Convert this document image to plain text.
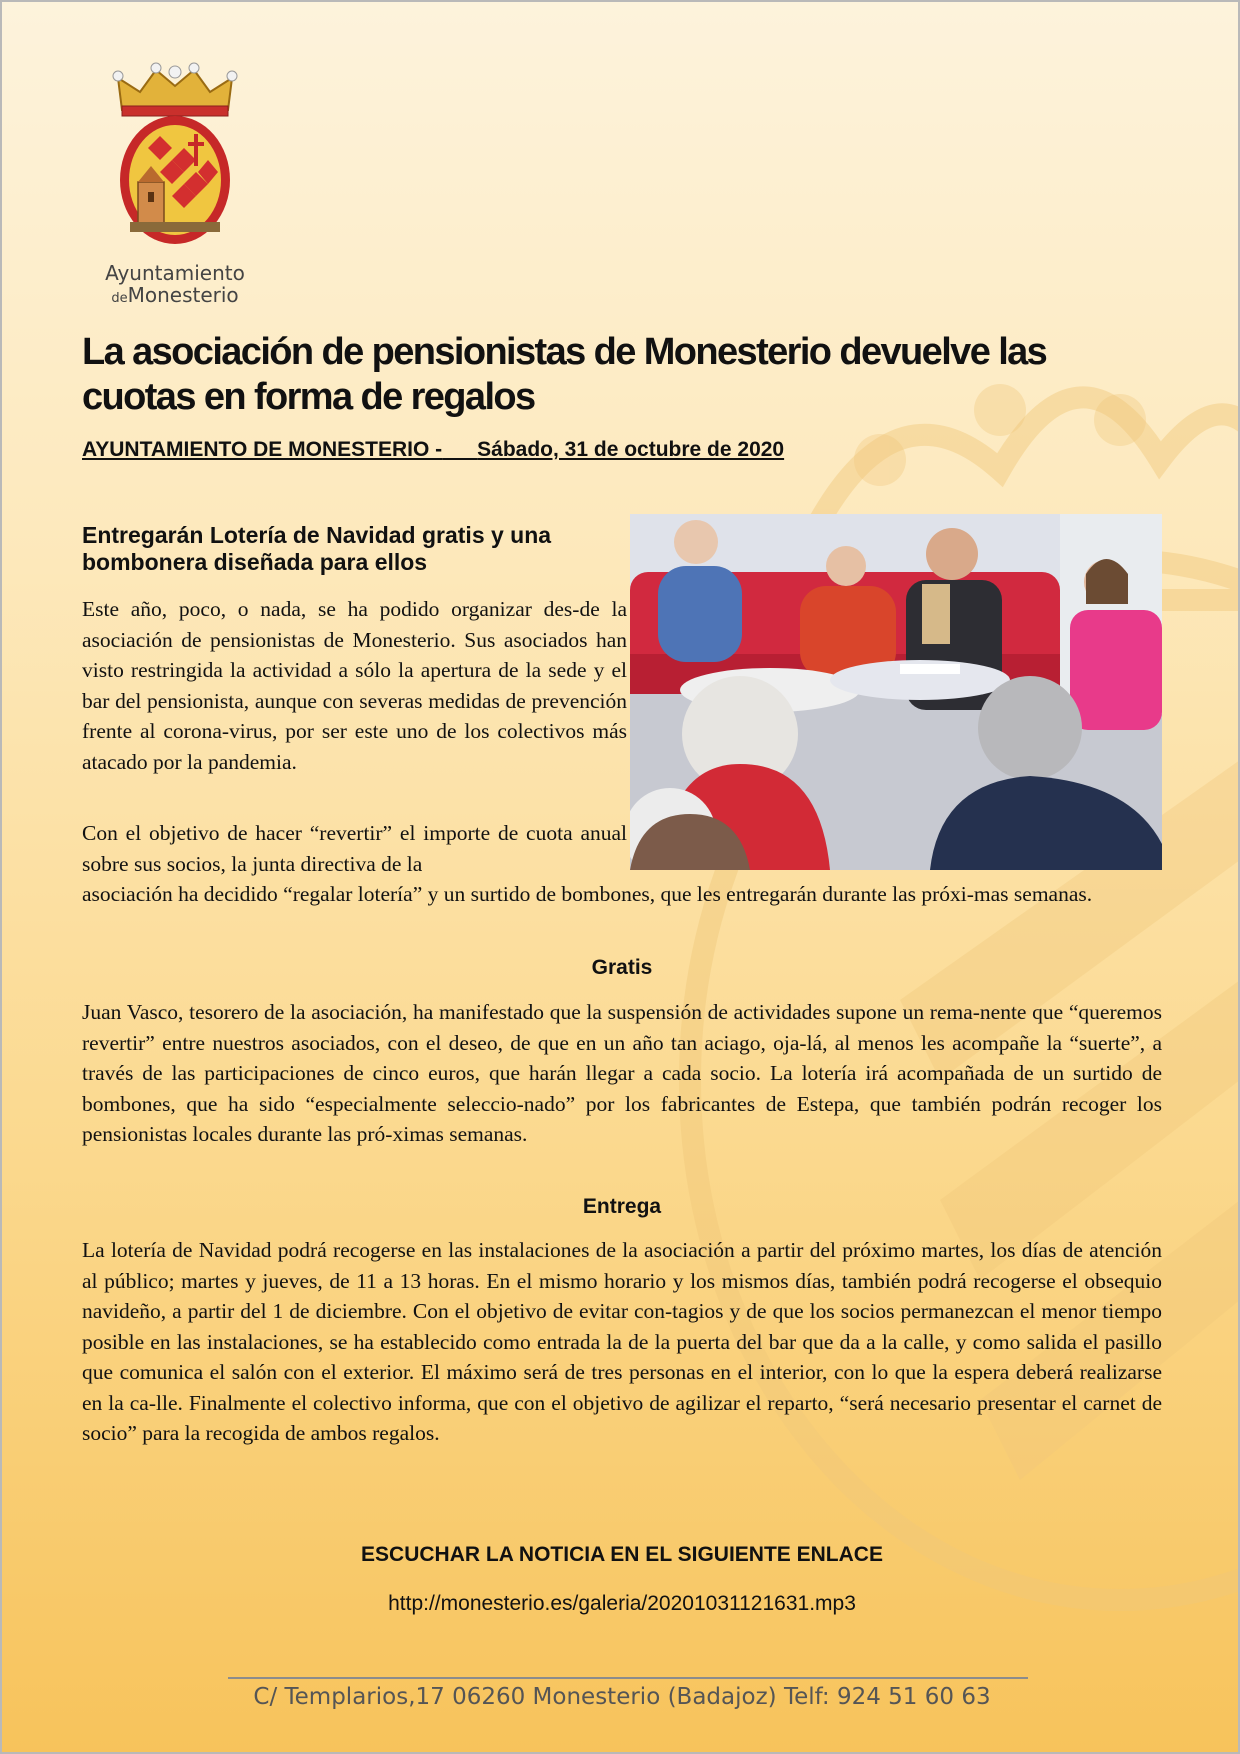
Ayuntamiento
deMonesterio
La asociación de pensionistas de Monesterio devuelve las cuotas en forma de regalos

AYUNTAMIENTO DE MONESTERIO - Sábado, 31 de octubre de 2020

Entregarán Lotería de Navidad gratis y una bombonera diseñada para ellos

Este año, poco, o nada, se ha podido organizar des-de la asociación de pensionistas de Monesterio. Sus asociados han visto restringida la actividad a sólo la apertura de la sede y el bar del pensionista, aunque con severas medidas de prevención frente al corona-virus, por ser este uno de los colectivos más atacado por la pandemia.

Con el objetivo de hacer “revertir” el importe de cuota anual sobre sus socios, la junta directiva de la

asociación ha decidido “regalar lotería” y un surtido de bombones, que les entregarán durante las próxi-mas semanas.

Gratis

Juan Vasco, tesorero de la asociación, ha manifestado que la suspensión de actividades supone un rema-nente que “queremos revertir” entre nuestros asociados, con el deseo, de que en un año tan aciago, oja-lá, al menos les acompañe la “suerte”, a través de las participaciones de cinco euros, que harán llegar a cada socio. La lotería irá acompañada de un surtido de bombones, que ha sido “especialmente seleccio-nado” por los fabricantes de Estepa, que también podrán recoger los pensionistas locales durante las pró-ximas semanas.

Entrega

La lotería de Navidad podrá recogerse en las instalaciones de la asociación a partir del próximo martes, los días de atención al público; martes y jueves, de 11 a 13 horas. En el mismo horario y los mismos días, también podrá recogerse el obsequio navideño, a partir del 1 de diciembre. Con el objetivo de evitar con-tagios y de que los socios permanezcan el menor tiempo posible en las instalaciones, se ha establecido como entrada la de la puerta del bar que da a la calle, y como salida el pasillo que comunica el salón con el exterior. El máximo será de tres personas en el interior, con lo que la espera deberá realizarse en la ca-lle. Finalmente el colectivo informa, que con el objetivo de agilizar el reparto, “será necesario presentar el carnet de socio” para la recogida de ambos regalos.

ESCUCHAR LA NOTICIA EN EL SIGUIENTE ENLACE

http://monesterio.es/galeria/20201031121631.mp3

C/ Templarios,17 06260 Monesterio (Badajoz) Telf: 924 51 60 63
